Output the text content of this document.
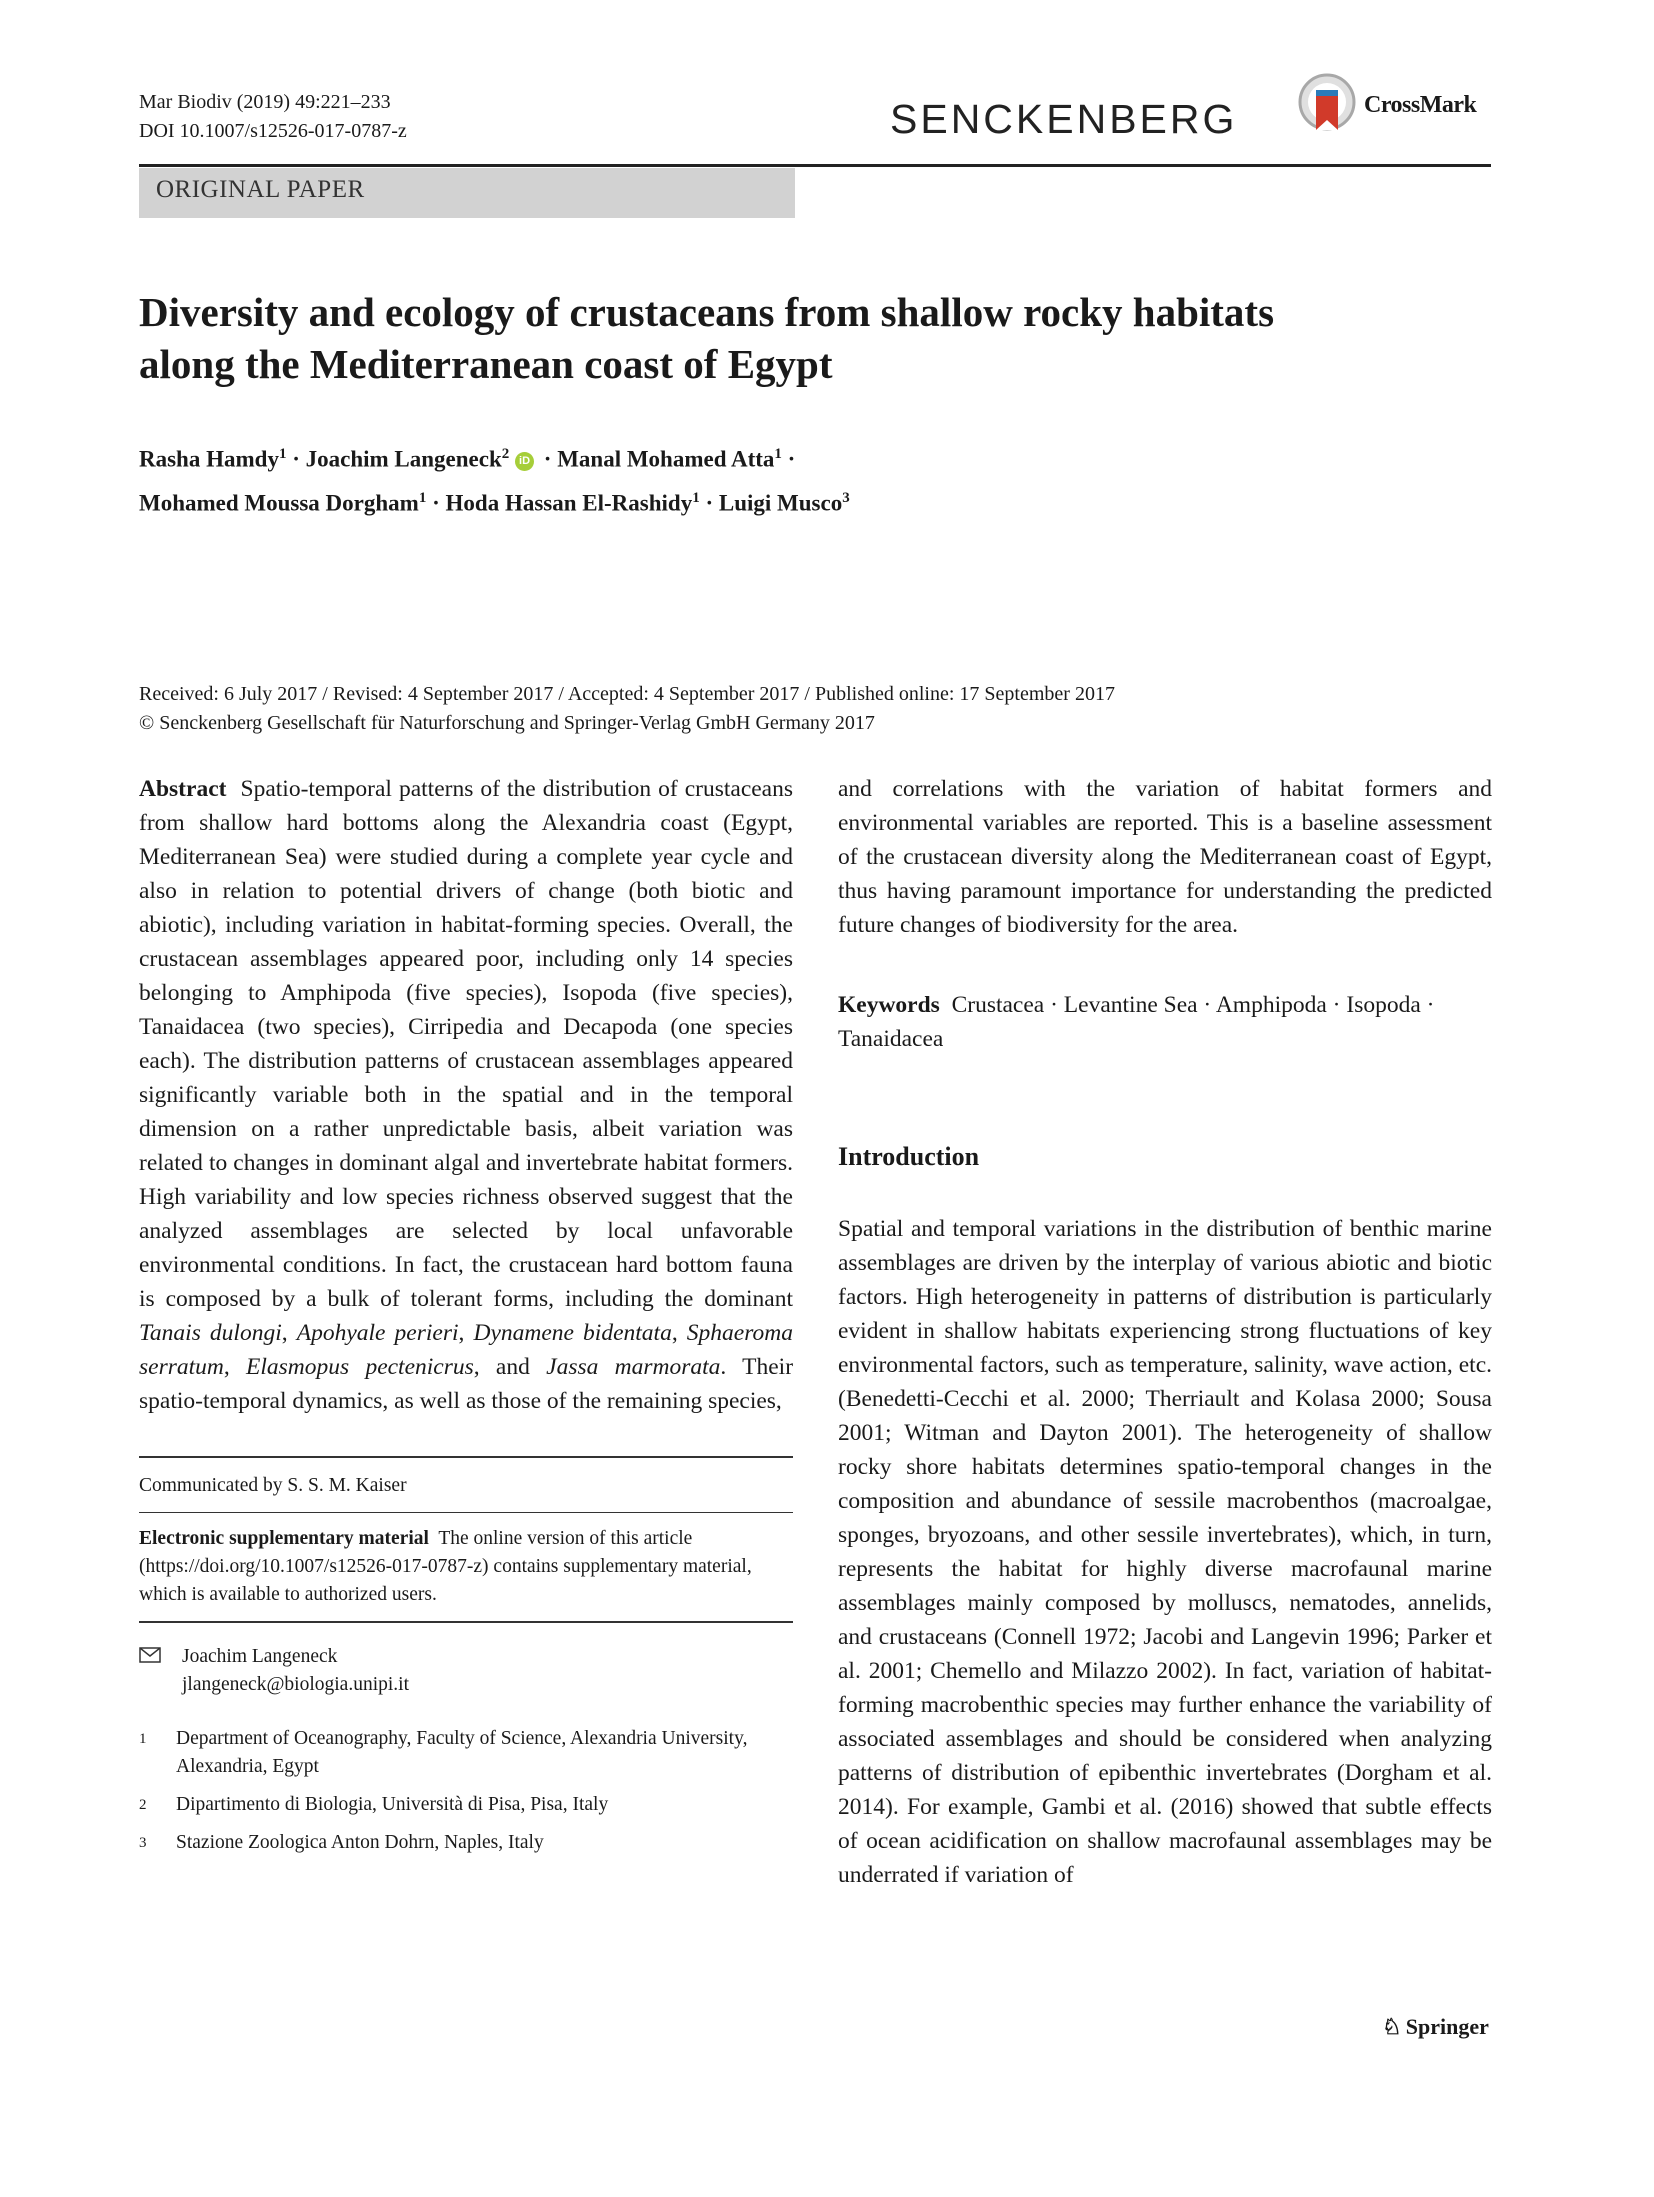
Mar Biodiv (2019) 49:221–233
DOI 10.1007/s12526-017-0787-z	SENCKENBERG	CrossMark
ORIGINAL PAPER
Diversity and ecology of crustaceans from shallow rocky habitats
along the Mediterranean coast of Egypt
Rasha Hamdy$^1$ · Joachim Langeneck$^2$ iD · Manal Mohamed Atta$^1$ ·
Mohamed Moussa Dorgham$^1$ · Hoda Hassan El-Rashidy$^1$ · Luigi Musco$^3$
Received: 6 July 2017 / Revised: 4 September 2017 / Accepted: 4 September 2017 / Published online: 17 September 2017
© Senckenberg Gesellschaft für Naturforschung and Springer-Verlag GmbH Germany 2017

Abstract Spatio-temporal patterns of the distribution of crustaceans from shallow hard bottoms along the Alexandria coast (Egypt, Mediterranean Sea) were studied during a complete year cycle and also in relation to potential drivers of change (both biotic and abiotic), including variation in habitat-forming species. Overall, the crustacean assemblages appeared poor, including only 14 species belonging to Amphipoda (five species), Isopoda (five species), Tanaidacea (two species), Cirripedia and Decapoda (one species each). The distribution patterns of crustacean assemblages appeared significantly variable both in the spatial and in the temporal dimension on a rather unpredictable basis, albeit variation was related to changes in dominant algal and invertebrate habitat formers. High variability and low species richness observed suggest that the analyzed assemblages are selected by local unfavorable environmental conditions. In fact, the crustacean hard bottom fauna is composed by a bulk of tolerant forms, including the dominant Tanais dulongi, Apohyale perieri, Dynamene bidentata, Sphaeroma serratum, Elasmopus pectenicrus, and Jassa marmorata. Their spatio-temporal dynamics, as well as those of the remaining species,

Communicated by S. S. M. Kaiser
Electronic supplementary material The online version of this article (https://doi.org/10.1007/s12526-017-0787-z) contains supplementary material, which is available to authorized users.
Joachim Langeneck
jlangeneck@biologia.unipi.it
1 Department of Oceanography, Faculty of Science, Alexandria University, Alexandria, Egypt
2 Dipartimento di Biologia, Università di Pisa, Pisa, Italy
3 Stazione Zoologica Anton Dohrn, Naples, Italy

and correlations with the variation of habitat formers and environmental variables are reported. This is a baseline assessment of the crustacean diversity along the Mediterranean coast of Egypt, thus having paramount importance for understanding the predicted future changes of biodiversity for the area.

Keywords Crustacea · Levantine Sea · Amphipoda · Isopoda · Tanaidacea
Introduction

Spatial and temporal variations in the distribution of benthic marine assemblages are driven by the interplay of various abiotic and biotic factors. High heterogeneity in patterns of distribution is particularly evident in shallow habitats experiencing strong fluctuations of key environmental factors, such as temperature, salinity, wave action, etc. (Benedetti-Cecchi et al. 2000; Therriault and Kolasa 2000; Sousa 2001; Witman and Dayton 2001). The heterogeneity of shallow rocky shore habitats determines spatio-temporal changes in the composition and abundance of sessile macrobenthos (macroalgae, sponges, bryozoans, and other sessile invertebrates), which, in turn, represents the habitat for highly diverse macrofaunal marine assemblages mainly composed by molluscs, nematodes, annelids, and crustaceans (Connell 1972; Jacobi and Langevin 1996; Parker et al. 2001; Chemello and Milazzo 2002). In fact, variation of habitat-forming macrobenthic species may further enhance the variability of associated assemblages and should be considered when analyzing patterns of distribution of epibenthic invertebrates (Dorgham et al. 2014). For example, Gambi et al. (2016) showed that subtle effects of ocean acidification on shallow macrofaunal assemblages may be underrated if variation of

♘ Springer
